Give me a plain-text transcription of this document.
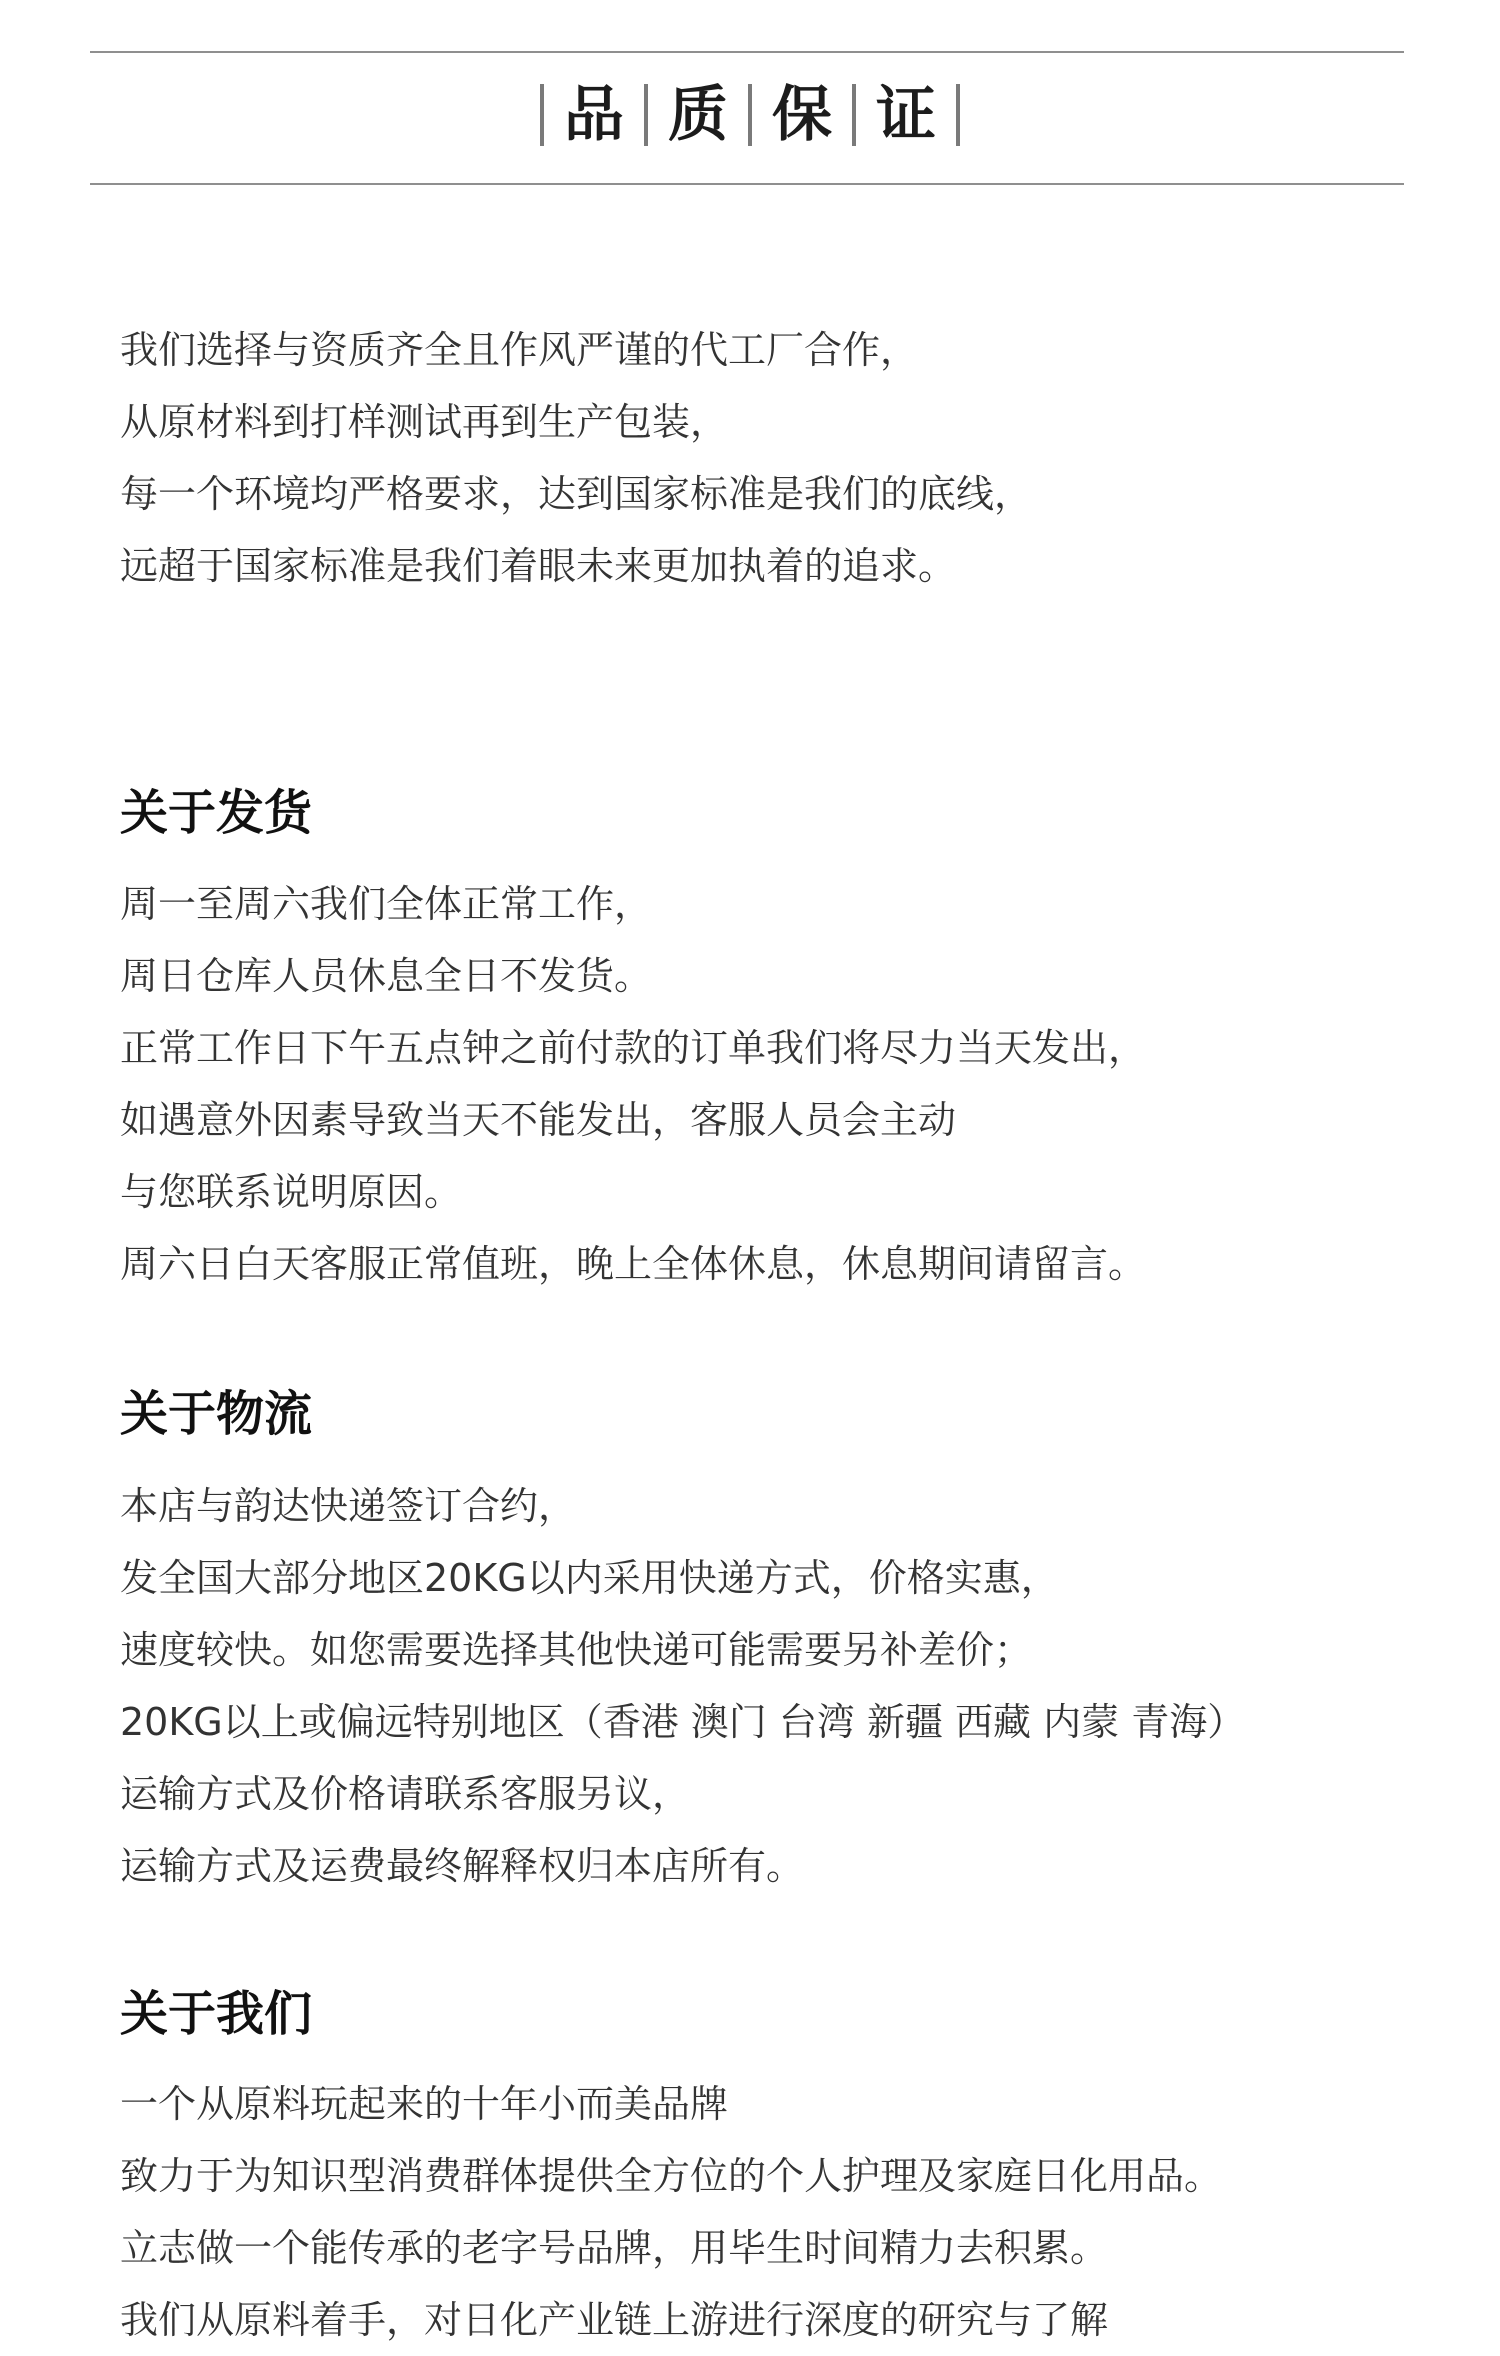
品 质 保 证
我们选择与资质齐全且作风严谨的代工厂合作，
从原材料到打样测试再到生产包装，
每一个环境均严格要求，达到国家标准是我们的底线，
远超于国家标准是我们着眼未来更加执着的追求。
关于发货
周一至周六我们全体正常工作，
周日仓库人员休息全日不发货。
正常工作日下午五点钟之前付款的订单我们将尽力当天发出，
如遇意外因素导致当天不能发出，客服人员会主动
与您联系说明原因。
周六日白天客服正常值班，晚上全体休息，休息期间请留言。
关于物流
本店与韵达快递签订合约，
发全国大部分地区20KG以内采用快递方式，价格实惠，
速度较快。如您需要选择其他快递可能需要另补差价；
20KG以上或偏远特别地区（香港 澳门 台湾 新疆 西藏 内蒙 青海）
运输方式及价格请联系客服另议，
运输方式及运费最终解释权归本店所有。
关于我们
一个从原料玩起来的十年小而美品牌
致力于为知识型消费群体提供全方位的个人护理及家庭日化用品。
立志做一个能传承的老字号品牌，用毕生时间精力去积累。
我们从原料着手，对日化产业链上游进行深度的研究与了解
